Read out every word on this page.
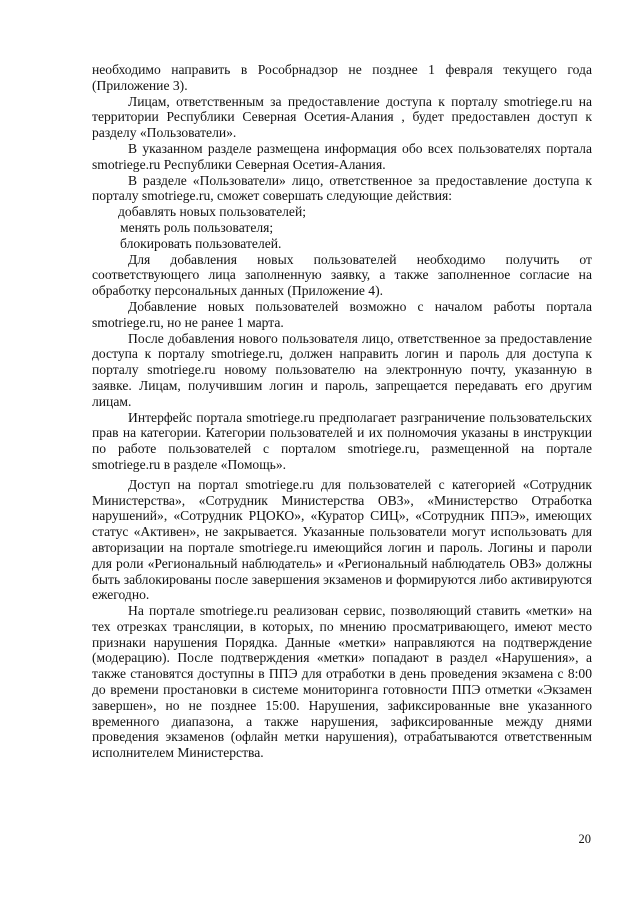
необходимо направить в Рособрнадзор не позднее 1 февраля текущего года (Приложение 3).

Лицам, ответственным за предоставление доступа к порталу smotriege.ru на территории Республики Северная Осетия-Алания , будет предоставлен доступ к разделу «Пользователи».

В указанном разделе размещена информация обо всех пользователях портала smotriege.ru Республики Северная Осетия-Алания.

В разделе «Пользователи» лицо, ответственное за предоставление доступа к порталу smotriege.ru, сможет совершать следующие действия:

добавлять новых пользователей;

менять роль пользователя;

блокировать пользователей.

Для добавления новых пользователей необходимо получить от соответствующего лица заполненную заявку, а также заполненное согласие на обработку персональных данных (Приложение 4).

Добавление новых пользователей возможно с началом работы портала smotriege.ru, но не ранее 1 марта.

После добавления нового пользователя лицо, ответственное за предоставление доступа к порталу smotriege.ru, должен направить логин и пароль для доступа к порталу smotriege.ru новому пользователю на электронную почту, указанную в заявке. Лицам, получившим логин и пароль, запрещается передавать его другим лицам.

Интерфейс портала smotriege.ru предполагает разграничение пользовательских прав на категории. Категории пользователей и их полномочия указаны в инструкции по работе пользователей с порталом smotriege.ru, размещенной на портале smotriege.ru в разделе «Помощь».

Доступ на портал smotriege.ru для пользователей с категорией «Сотрудник Министерства», «Сотрудник Министерства ОВЗ», «Министерство Отработка нарушений», «Сотрудник РЦОКО», «Куратор СИЦ», «Сотрудник ППЭ», имеющих статус «Активен», не закрывается. Указанные пользователи могут использовать для авторизации на портале smotriege.ru имеющийся логин и пароль. Логины и пароли для роли «Региональный наблюдатель» и «Региональный наблюдатель ОВЗ» должны быть заблокированы после завершения экзаменов и формируются либо активируются ежегодно.

На портале smotriege.ru реализован сервис, позволяющий ставить «метки» на тех отрезках трансляции, в которых, по мнению просматривающего, имеют место признаки нарушения Порядка. Данные «метки» направляются на подтверждение (модерацию). После подтверждения «метки» попадают в раздел «Нарушения», а также становятся доступны в ППЭ для отработки в день проведения экзамена с 8:00 до времени простановки в системе мониторинга готовности ППЭ отметки «Экзамен завершен», но не позднее 15:00. Нарушения, зафиксированные вне указанного временного диапазона, а также нарушения, зафиксированные между днями проведения экзаменов (офлайн метки нарушения), отрабатываются ответственным исполнителем Министерства.

20
